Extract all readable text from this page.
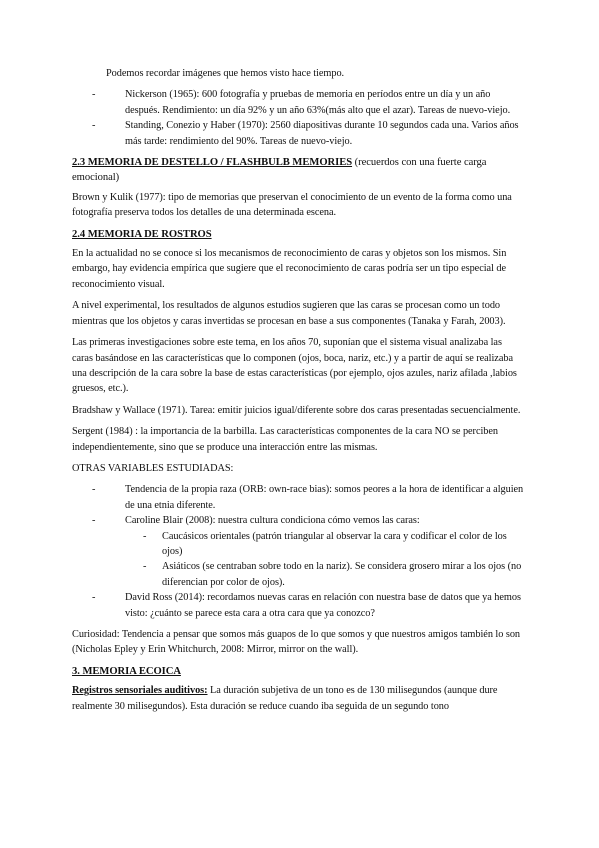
Podemos recordar imágenes que hemos visto hace tiempo.

- Nickerson (1965): 600 fotografía y pruebas de memoria en períodos entre un día y un año después. Rendimiento: un día 92% y un año 63%(más alto que el azar). Tareas de nuevo-viejo.
- Standing, Conezio y Haber (1970): 2560 diapositivas durante 10 segundos cada una. Varios años más tarde: rendimiento del 90%. Tareas de nuevo-viejo.
2.3 MEMORIA DE DESTELLO / FLASHBULB MEMORIES (recuerdos con una fuerte carga emocional)

Brown y Kulik (1977): tipo de memorias que preservan el conocimiento de un evento de la forma como una fotografía preserva todos los detalles de una determinada escena.

2.4 MEMORIA DE ROSTROS

En la actualidad no se conoce si los mecanismos de reconocimiento de caras y objetos son los mismos. Sin embargo, hay evidencia empírica que sugiere que el reconocimiento de caras podría ser un tipo especial de reconocimiento visual.

A nivel experimental, los resultados de algunos estudios sugieren que las caras se procesan como un todo mientras que los objetos y caras invertidas se procesan en base a sus componentes (Tanaka y Farah, 2003).

Las primeras investigaciones sobre este tema, en los años 70, suponían que el sistema visual analizaba las caras basándose en las características que lo componen (ojos, boca, nariz, etc.) y a partir de aquí se realizaba una descripción de la cara sobre la base de estas características (por ejemplo, ojos azules, nariz afilada ,labios gruesos, etc.).

Bradshaw y Wallace (1971). Tarea: emitir juicios igual/diferente sobre dos caras presentadas secuencialmente.

Sergent (1984) : la importancia de la barbilla. Las características componentes de la cara NO se perciben independientemente, sino que se produce una interacción entre las mismas.

OTRAS VARIABLES ESTUDIADAS:

- Tendencia de la propia raza (ORB: own-race bias): somos peores a la hora de identificar a alguien de una etnia diferente.
- Caroline Blair (2008): nuestra cultura condiciona cómo vemos las caras:
- Caucásicos orientales (patrón triangular al observar la cara y codificar el color de los ojos)
- Asiáticos (se centraban sobre todo en la nariz). Se considera grosero mirar a los ojos (no diferencian por color de ojos).
- David Ross (2014): recordamos nuevas caras en relación con nuestra base de datos que ya hemos visto: ¿cuánto se parece esta cara a otra cara que ya conozco?

Curiosidad: Tendencia a pensar que somos más guapos de lo que somos y que nuestros amigos también lo son (Nicholas Epley y Erin Whitchurch, 2008: Mirror, mirror on the wall).

3. MEMORIA ECOICA

Registros sensoriales auditivos: La duración subjetiva de un tono es de 130 milisegundos (aunque dure realmente 30 milisegundos). Esta duración se reduce cuando iba seguida de un segundo tono
